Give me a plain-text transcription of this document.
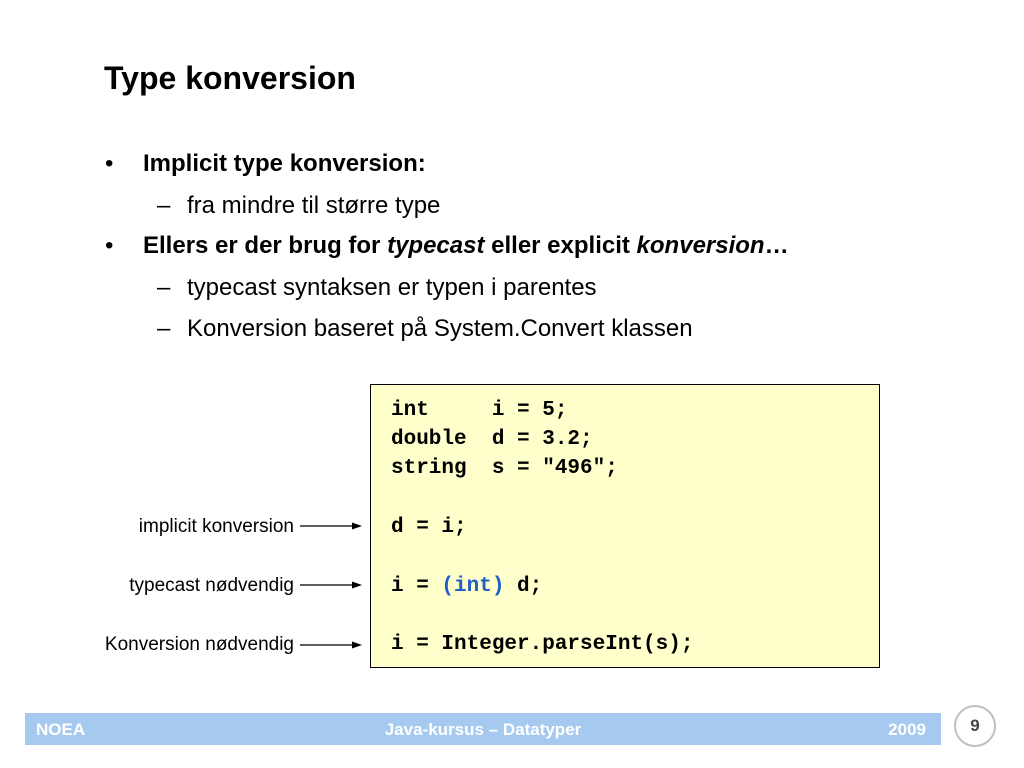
Type konversion
• Implicit type konversion:
– fra mindre til større type
• Ellers er der brug for typecast eller explicit konversion…
– typecast syntaksen er typen i parentes
– Konversion baseret på System.Convert klassen
int     i = 5;
double  d = 3.2;
string  s = "496";
d = i;
i = (int) d;
i = Integer.parseInt(s);
implicit konversion
typecast nødvendig
Konversion nødvendig
NOEA	Java-kursus – Datatyper	2009	9
